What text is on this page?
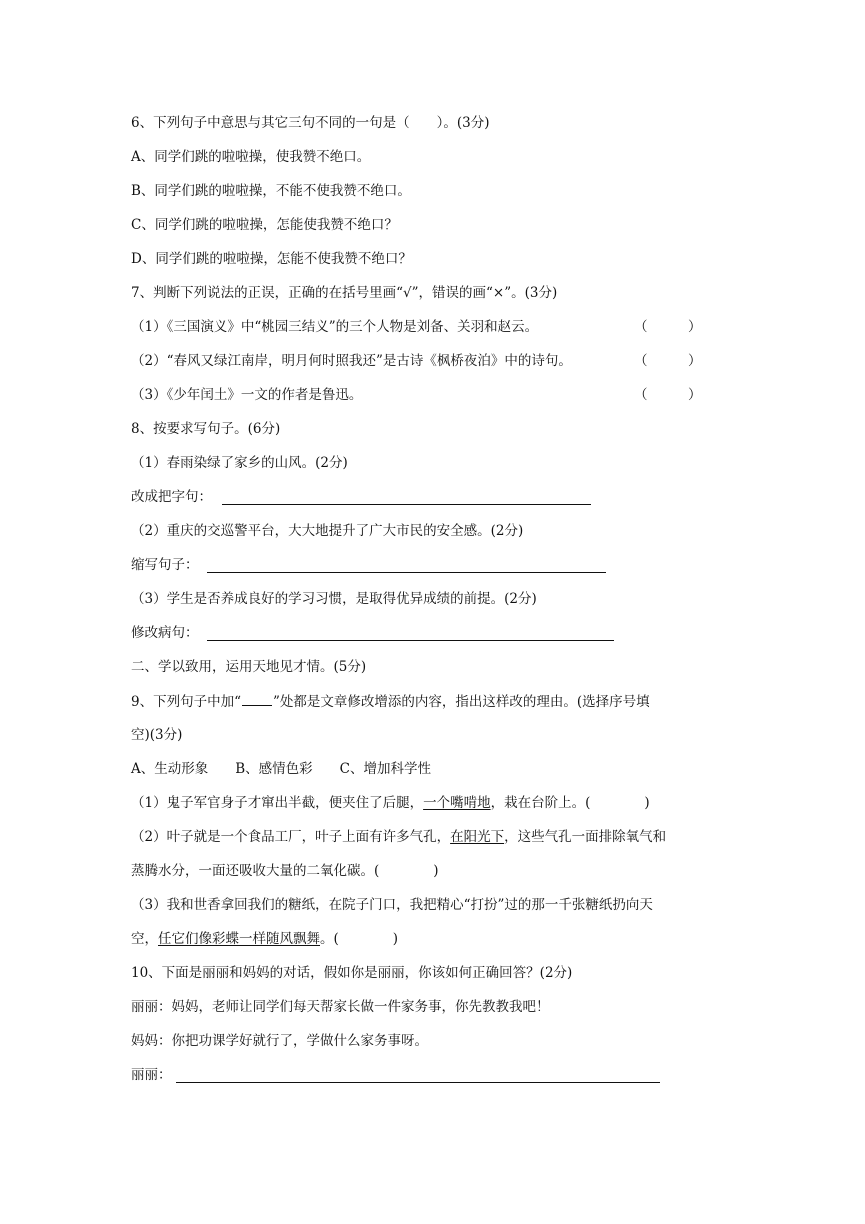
6、下列句子中意思与其它三句不同的一句是（　　）。(3分)
A、同学们跳的啦啦操，使我赞不绝口。
B、同学们跳的啦啦操，不能不使我赞不绝口。
C、同学们跳的啦啦操，怎能使我赞不绝口？
D、同学们跳的啦啦操，怎能不使我赞不绝口？
7、判断下列说法的正误，正确的在括号里画“√”，错误的画“×”。(3分)
（1）《三国演义》中“桃园三结义”的三个人物是刘备、关羽和赵云。	（　　　）
（2）“春风又绿江南岸，明月何时照我还”是古诗《枫桥夜泊》中的诗句。	（　　　）
（3）《少年闰土》一文的作者是鲁迅。	（　　　）
8、按要求写句子。(6分)
（1）春雨染绿了家乡的山风。(2分)
改成把字句：
（2）重庆的交巡警平台，大大地提升了广大市民的安全感。(2分)
缩写句子：
（3）学生是否养成良好的学习习惯，是取得优异成绩的前提。(2分)
修改病句：
二、学以致用，运用天地见才情。(5分)
9、下列句子中加“ ”处都是文章修改增添的内容，指出这样改的理由。(选择序号填
空)(3分)
A、生动形象　　B、感情色彩　　C、增加科学性
（1）鬼子军官身子才窜出半截，便夹住了后腿，一个嘴啃地，栽在台阶上。(　　　　)
（2）叶子就是一个食品工厂，叶子上面有许多气孔，在阳光下，这些气孔一面排除氧气和
蒸腾水分，一面还吸收大量的二氧化碳。(　　　　)
（3）我和世香拿回我们的糖纸，在院子门口，我把精心“打扮”过的那一千张糖纸扔向天
空，任它们像彩蝶一样随风飘舞。(　　　　)
10、下面是丽丽和妈妈的对话，假如你是丽丽，你该如何正确回答？(2分)
丽丽：妈妈，老师让同学们每天帮家长做一件家务事，你先教教我吧！
妈妈：你把功课学好就行了，学做什么家务事呀。
丽丽：
